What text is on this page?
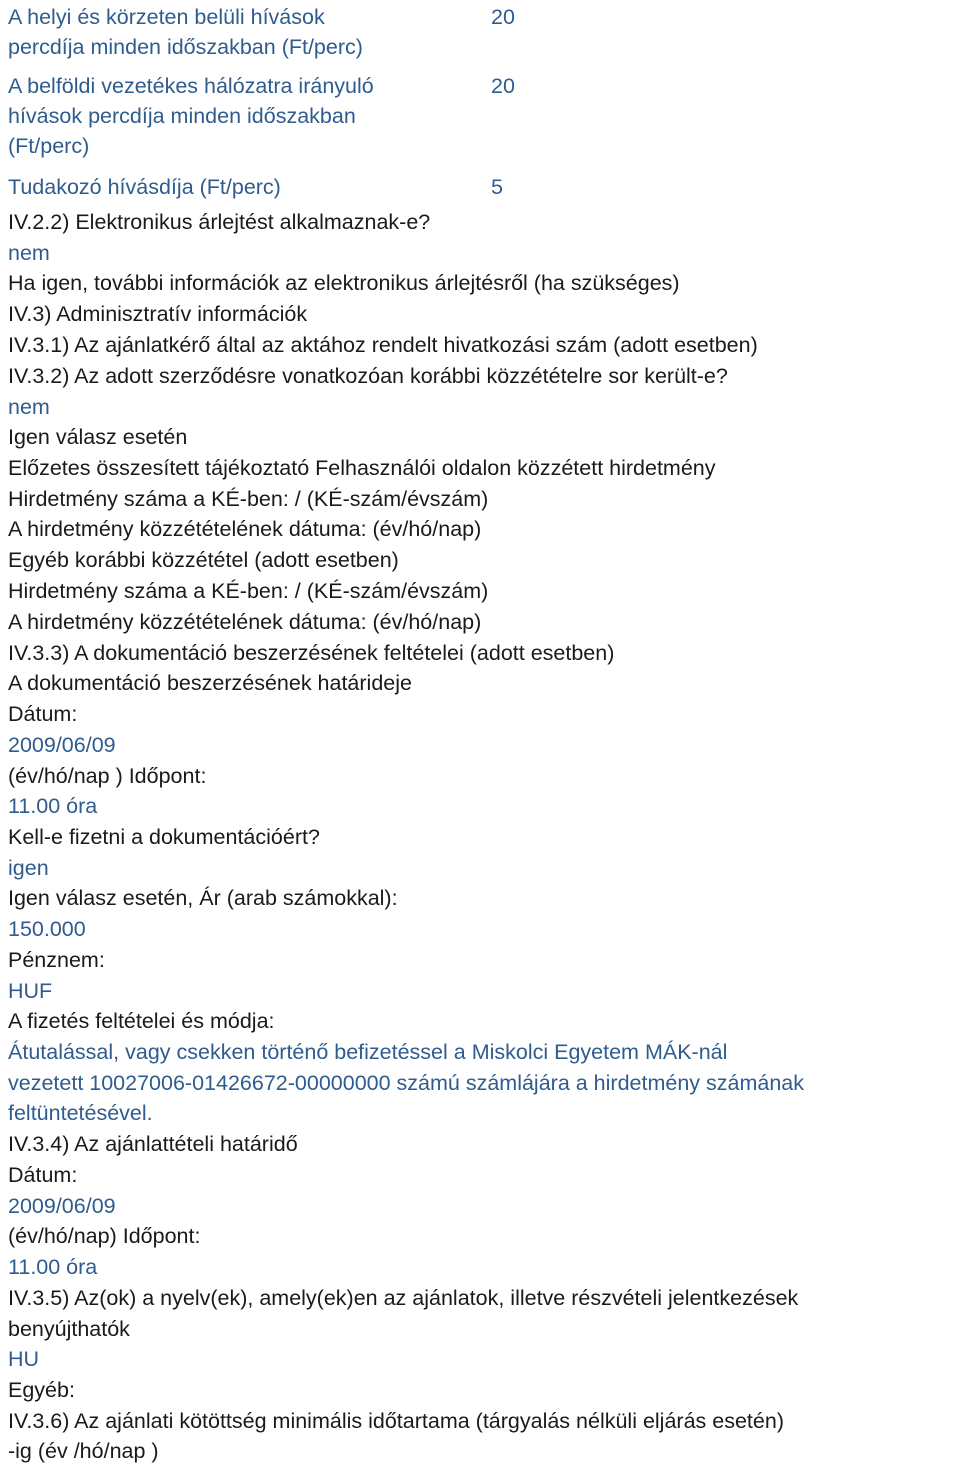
A helyi és körzeten belüli hívások
percdíja minden időszakban (Ft/perc)
20
A belföldi vezetékes hálózatra irányuló
hívások percdíja minden időszakban
(Ft/perc)
20
Tudakozó hívásdíja (Ft/perc)	5
IV.2.2) Elektronikus árlejtést alkalmaznak-e?
nem
Ha igen, további információk az elektronikus árlejtésről (ha szükséges)
IV.3) Adminisztratív információk
IV.3.1) Az ajánlatkérő által az aktához rendelt hivatkozási szám (adott esetben)
IV.3.2) Az adott szerződésre vonatkozóan korábbi közzétételre sor került-e?
nem
Igen válasz esetén
Előzetes összesített tájékoztató Felhasználói oldalon közzétett hirdetmény
Hirdetmény száma a KÉ-ben: / (KÉ-szám/évszám)
A hirdetmény közzétételének dátuma: (év/hó/nap)
Egyéb korábbi közzététel (adott esetben)
Hirdetmény száma a KÉ-ben: / (KÉ-szám/évszám)
A hirdetmény közzétételének dátuma: (év/hó/nap)
IV.3.3) A dokumentáció beszerzésének feltételei (adott esetben)
A dokumentáció beszerzésének határideje
Dátum:
2009/06/09
(év/hó/nap ) Időpont:
11.00 óra
Kell-e fizetni a dokumentációért?
igen
Igen válasz esetén, Ár (arab számokkal):
150.000
Pénznem:
HUF
A fizetés feltételei és módja:
Átutalással, vagy csekken történő befizetéssel a Miskolci Egyetem MÁK-nál
vezetett 10027006-01426672-00000000 számú számlájára a hirdetmény számának
feltüntetésével.
IV.3.4) Az ajánlattételi határidő
Dátum:
2009/06/09
(év/hó/nap) Időpont:
11.00 óra
IV.3.5) Az(ok) a nyelv(ek), amely(ek)en az ajánlatok, illetve részvételi jelentkezések
benyújthatók
HU
Egyéb:
IV.3.6) Az ajánlati kötöttség minimális időtartama (tárgyalás nélküli eljárás esetén)
-ig (év /hó/nap )
